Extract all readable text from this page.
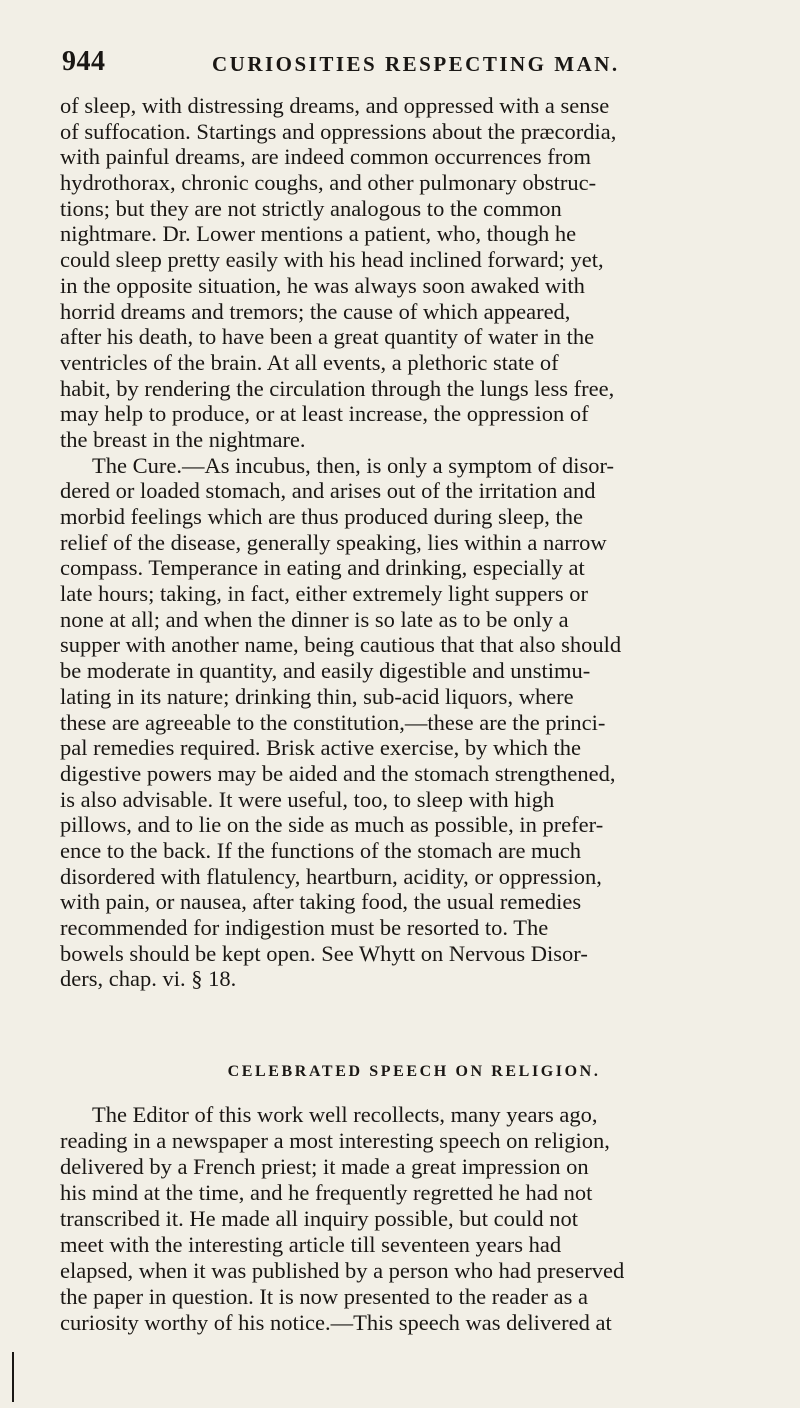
944	CURIOSITIES RESPECTING MAN.
of sleep, with distressing dreams, and oppressed with a sense
of suffocation. Startings and oppressions about the præcordia,
with painful dreams, are indeed common occurrences from
hydrothorax, chronic coughs, and other pulmonary obstruc-
tions; but they are not strictly analogous to the common
nightmare. Dr. Lower mentions a patient, who, though he
could sleep pretty easily with his head inclined forward; yet,
in the opposite situation, he was always soon awaked with
horrid dreams and tremors; the cause of which appeared,
after his death, to have been a great quantity of water in the
ventricles of the brain. At all events, a plethoric state of
habit, by rendering the circulation through the lungs less free,
may help to produce, or at least increase, the oppression of
the breast in the nightmare.
The Cure.—As incubus, then, is only a symptom of disor-
dered or loaded stomach, and arises out of the irritation and
morbid feelings which are thus produced during sleep, the
relief of the disease, generally speaking, lies within a narrow
compass. Temperance in eating and drinking, especially at
late hours; taking, in fact, either extremely light suppers or
none at all; and when the dinner is so late as to be only a
supper with another name, being cautious that that also should
be moderate in quantity, and easily digestible and unstimu-
lating in its nature; drinking thin, sub-acid liquors, where
these are agreeable to the constitution,—these are the princi-
pal remedies required. Brisk active exercise, by which the
digestive powers may be aided and the stomach strengthened,
is also advisable. It were useful, too, to sleep with high
pillows, and to lie on the side as much as possible, in prefer-
ence to the back. If the functions of the stomach are much
disordered with flatulency, heartburn, acidity, or oppression,
with pain, or nausea, after taking food, the usual remedies
recommended for indigestion must be resorted to. The
bowels should be kept open. See Whytt on Nervous Disor-
ders, chap. vi. § 18.
CELEBRATED SPEECH ON RELIGION.
The Editor of this work well recollects, many years ago,
reading in a newspaper a most interesting speech on religion,
delivered by a French priest; it made a great impression on
his mind at the time, and he frequently regretted he had not
transcribed it. He made all inquiry possible, but could not
meet with the interesting article till seventeen years had
elapsed, when it was published by a person who had preserved
the paper in question. It is now presented to the reader as a
curiosity worthy of his notice.—This speech was delivered at
